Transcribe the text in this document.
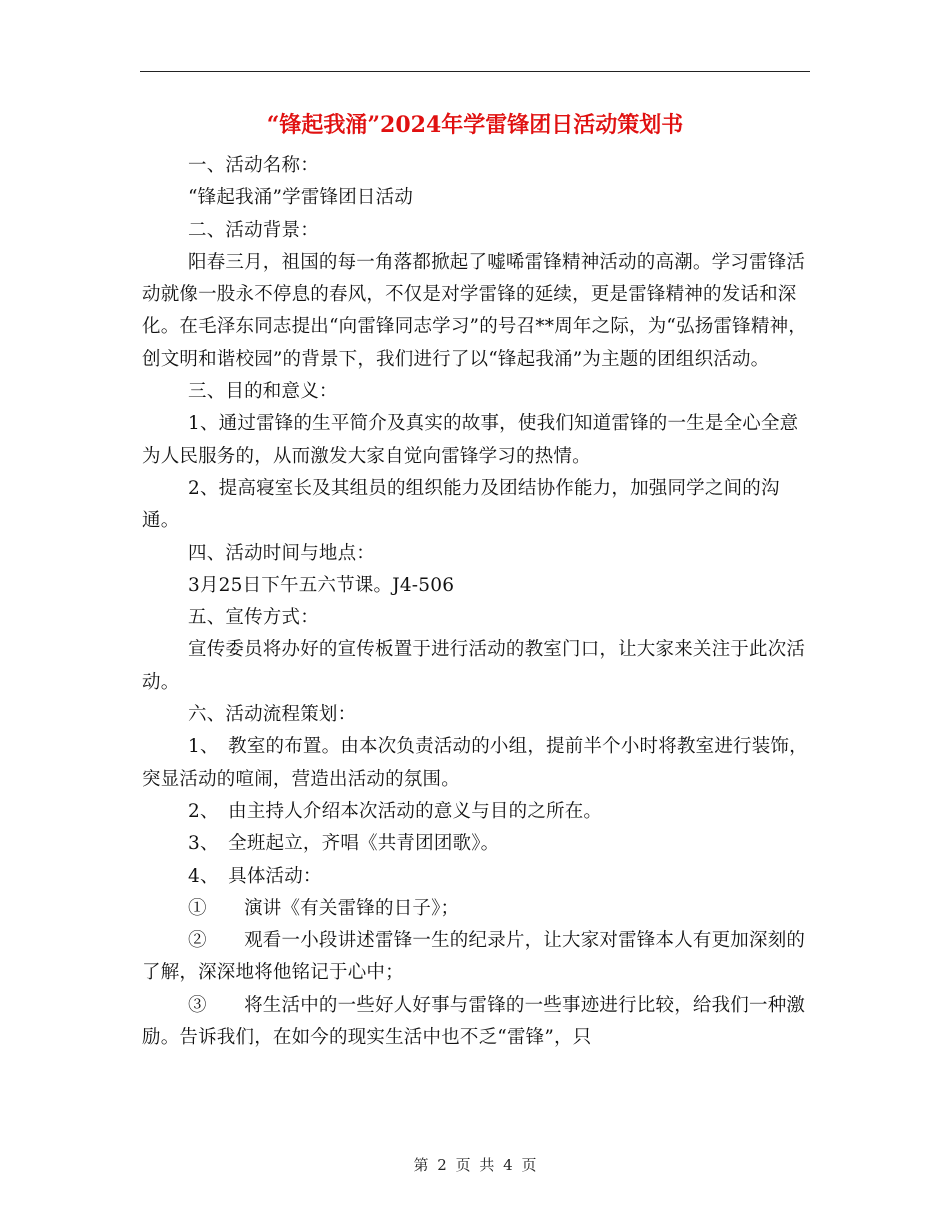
“锋起我涌”2024年学雷锋团日活动策划书

一、活动名称：

“锋起我涌”学雷锋团日活动

二、活动背景：

阳春三月，祖国的每一角落都掀起了嘘唏雷锋精神活动的高潮。学习雷锋活动就像一股永不停息的春风，不仅是对学雷锋的延续，更是雷锋精神的发话和深化。在毛泽东同志提出“向雷锋同志学习”的号召**周年之际，为“弘扬雷锋精神，创文明和谐校园”的背景下，我们进行了以“锋起我涌”为主题的团组织活动。

三、目的和意义：

1、通过雷锋的生平简介及真实的故事，使我们知道雷锋的一生是全心全意为人民服务的，从而激发大家自觉向雷锋学习的热情。

2、提高寝室长及其组员的组织能力及团结协作能力，加强同学之间的沟通。

四、活动时间与地点：

3月25日下午五六节课。J4-506

五、宣传方式：

宣传委员将办好的宣传板置于进行活动的教室门口，让大家来关注于此次活动。

六、活动流程策划：

1、　教室的布置。由本次负责活动的小组，提前半个小时将教室进行装饰，突显活动的喧闹，营造出活动的氛围。

2、　由主持人介绍本次活动的意义与目的之所在。

3、　全班起立，齐唱《共青团团歌》。

4、　具体活动：

①　　演讲《有关雷锋的日子》；

②　　观看一小段讲述雷锋一生的纪录片，让大家对雷锋本人有更加深刻的了解，深深地将他铭记于心中；

③　　将生活中的一些好人好事与雷锋的一些事迹进行比较，给我们一种激励。告诉我们，在如今的现实生活中也不乏“雷锋”，只

第 2 页 共 4 页
